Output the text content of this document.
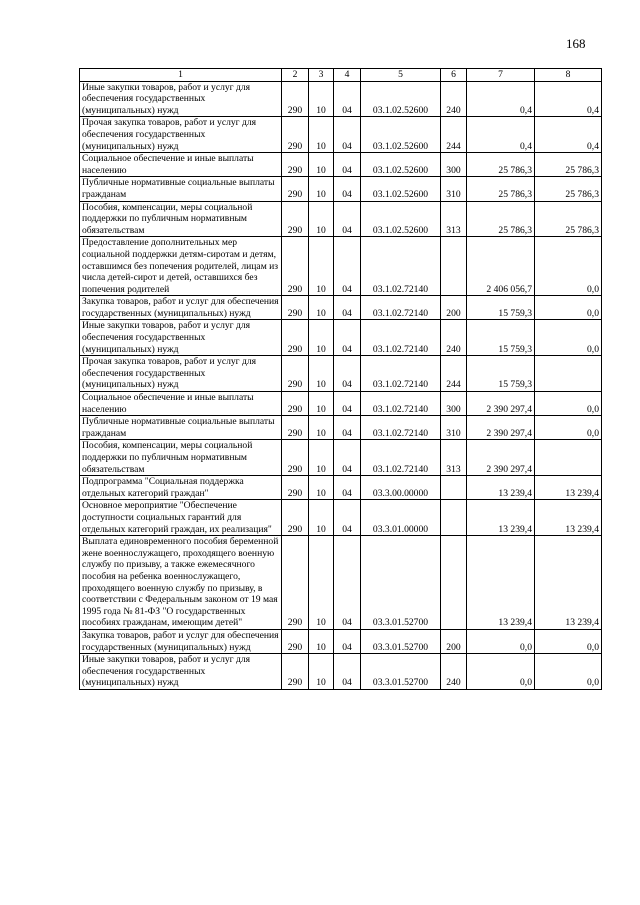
168
1	2	3	4	5	6	7	8
Иные закупки товаров, работ и услуг для обеспечения государственных (муниципальных) нужд	290	10	04	03.1.02.52600	240	0,4	0,4
Прочая закупка товаров, работ и услуг для обеспечения государственных (муниципальных) нужд	290	10	04	03.1.02.52600	244	0,4	0,4
Социальное обеспечение и иные выплаты населению	290	10	04	03.1.02.52600	300	25 786,3	25 786,3
Публичные нормативные социальные выплаты гражданам	290	10	04	03.1.02.52600	310	25 786,3	25 786,3
Пособия, компенсации, меры социальной поддержки по публичным нормативным обязательствам	290	10	04	03.1.02.52600	313	25 786,3	25 786,3
Предоставление дополнительных мер социальной поддержки детям-сиротам и детям, оставшимся без попечения родителей, лицам из числа детей-сирот и детей, оставшихся без попечения родителей	290	10	04	03.1.02.72140		2 406 056,7	0,0
Закупка товаров, работ и услуг для обеспечения государственных (муниципальных) нужд	290	10	04	03.1.02.72140	200	15 759,3	0,0
Иные закупки товаров, работ и услуг для обеспечения государственных (муниципальных) нужд	290	10	04	03.1.02.72140	240	15 759,3	0,0
Прочая закупка товаров, работ и услуг для обеспечения государственных (муниципальных) нужд	290	10	04	03.1.02.72140	244	15 759,3	
Социальное обеспечение и иные выплаты населению	290	10	04	03.1.02.72140	300	2 390 297,4	0,0
Публичные нормативные социальные выплаты гражданам	290	10	04	03.1.02.72140	310	2 390 297,4	0,0
Пособия, компенсации, меры социальной поддержки по публичным нормативным обязательствам	290	10	04	03.1.02.72140	313	2 390 297,4	
Подпрограмма "Социальная поддержка отдельных категорий граждан"	290	10	04	03.3.00.00000		13 239,4	13 239,4
Основное мероприятие "Обеспечение доступности социальных гарантий для отдельных категорий граждан, их реализация"	290	10	04	03.3.01.00000		13 239,4	13 239,4
Выплата единовременного пособия беременной жене военнослужащего, проходящего военную службу по призыву, а также ежемесячного пособия на ребенка военнослужащего, проходящего военную службу по призыву, в соответствии с Федеральным законом от 19 мая 1995 года № 81-ФЗ "О государственных пособиях гражданам, имеющим детей"	290	10	04	03.3.01.52700		13 239,4	13 239,4
Закупка товаров, работ и услуг для обеспечения государственных (муниципальных) нужд	290	10	04	03.3.01.52700	200	0,0	0,0
Иные закупки товаров, работ и услуг для обеспечения государственных (муниципальных) нужд	290	10	04	03.3.01.52700	240	0,0	0,0
